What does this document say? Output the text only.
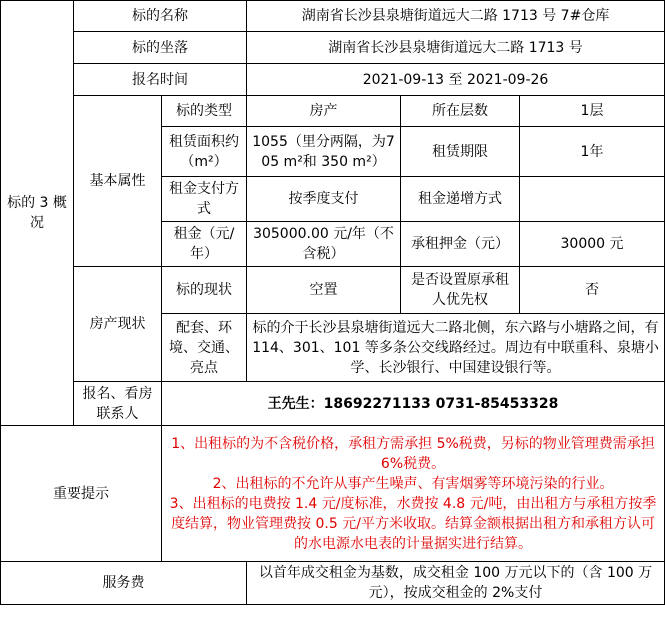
标的 3 概况	标的名称		湖南省长沙县泉塘街道远大二路 1713 号 7#仓库		
	标的坐落		湖南省长沙县泉塘街道远大二路 1713 号		
	报名时间		2021-09-13 至 2021-09-26		
	基本属性	标的类型	房产	所在层数	1层
		租赁面积约（m²）	1055（里分两隔，为705 m²和 350 m²）	租赁期限	1年
		租金支付方式	按季度支付	租金递增方式	
		租金（元/年）	305000.00 元/年（不含税）	承租押金（元）	30000 元
	房产现状	标的现状	空置	是否设置原承租人优先权	否
		配套、环境、交通、亮点	标的介于长沙县泉塘街道远大二路北侧，东六路与小塘路之间，有 114、301、101 等多条公交线路经过。周边有中联重科、泉塘小学、长沙银行、中国建设银行等。		
	报名、看房联系人	王先生：18692271133 0731-85453328			
重要提示		1、出租标的为不含税价格，承租方需承担 5%税费，另标的物业管理费需承担 6%税费。
2、出租标的不允许从事产生噪声、有害烟雾等环境污染的行业。
3、出租标的电费按 1.4 元/度标准，水费按 4.8 元/吨，由出租方与承租方按季度结算，物业管理费按 0.5 元/平方米收取。结算金额根据出租方和承租方认可的水电源水电表的计量据实进行结算。			

服务费			以首年成交租金为基数，成交租金 100 万元以下的（含 100 万元），按成交租金的 2%支付		
